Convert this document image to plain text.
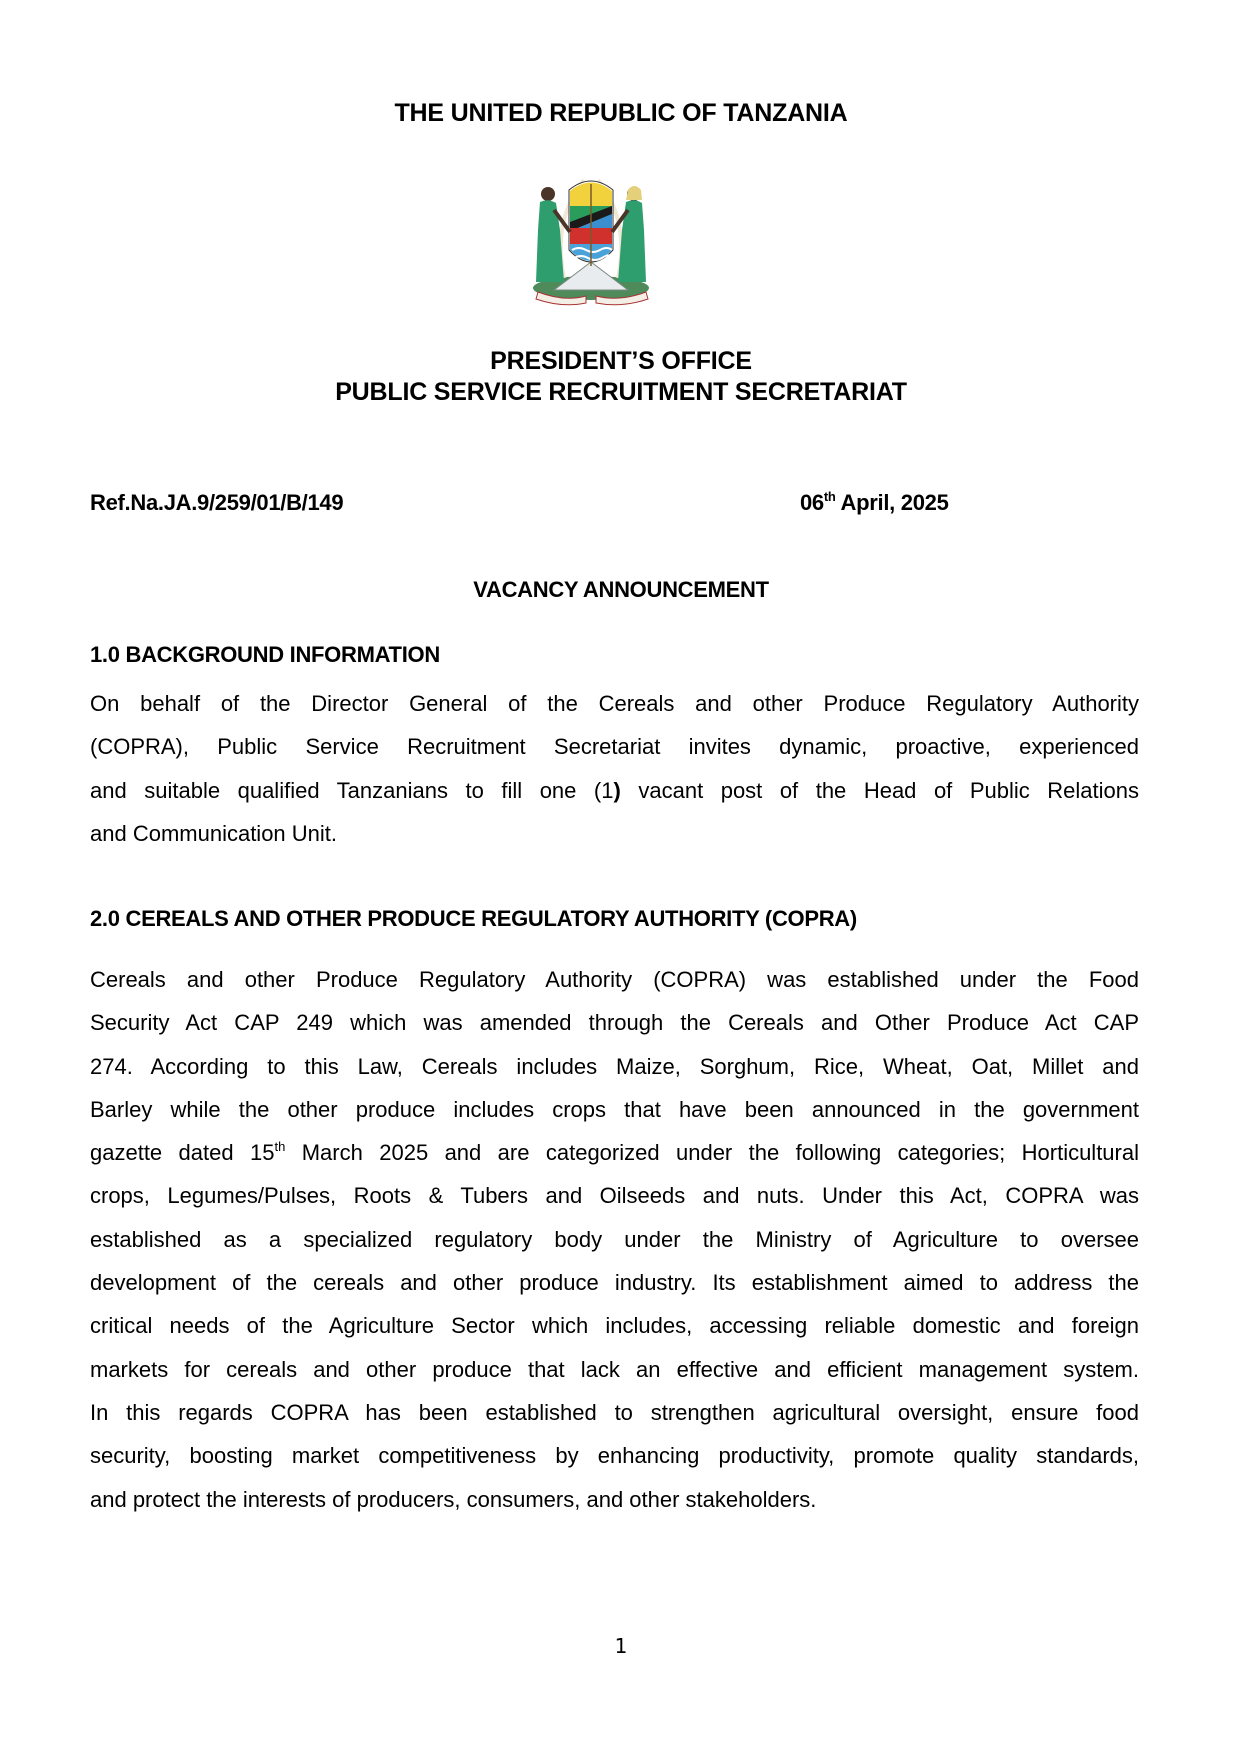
THE UNITED REPUBLIC OF TANZANIA
PRESIDENT’S OFFICE
PUBLIC SERVICE RECRUITMENT SECRETARIAT
Ref.Na.JA.9/259/01/B/149	06th April, 2025
VACANCY ANNOUNCEMENT
1.0 BACKGROUND INFORMATION
On behalf of the Director General of the Cereals and other Produce Regulatory Authority
(COPRA), Public Service Recruitment Secretariat invites dynamic, proactive, experienced
and suitable qualified Tanzanians to fill one (1) vacant post of the Head of Public Relations
and Communication Unit.
2.0 CEREALS AND OTHER PRODUCE REGULATORY AUTHORITY (COPRA)
Cereals and other Produce Regulatory Authority (COPRA) was established under the Food
Security Act CAP 249 which was amended through the Cereals and Other Produce Act CAP
274. According to this Law, Cereals includes Maize, Sorghum, Rice, Wheat, Oat, Millet and
Barley while the other produce includes crops that have been announced in the government
gazette dated 15th March 2025 and are categorized under the following categories; Horticultural
crops, Legumes/Pulses, Roots & Tubers and Oilseeds and nuts. Under this Act, COPRA was
established as a specialized regulatory body under the Ministry of Agriculture to oversee
development of the cereals and other produce industry. Its establishment aimed to address the
critical needs of the Agriculture Sector which includes, accessing reliable domestic and foreign
markets for cereals and other produce that lack an effective and efficient management system.
In this regards COPRA has been established to strengthen agricultural oversight, ensure food
security, boosting market competitiveness by enhancing productivity, promote quality standards,
and protect the interests of producers, consumers, and other stakeholders.
1
